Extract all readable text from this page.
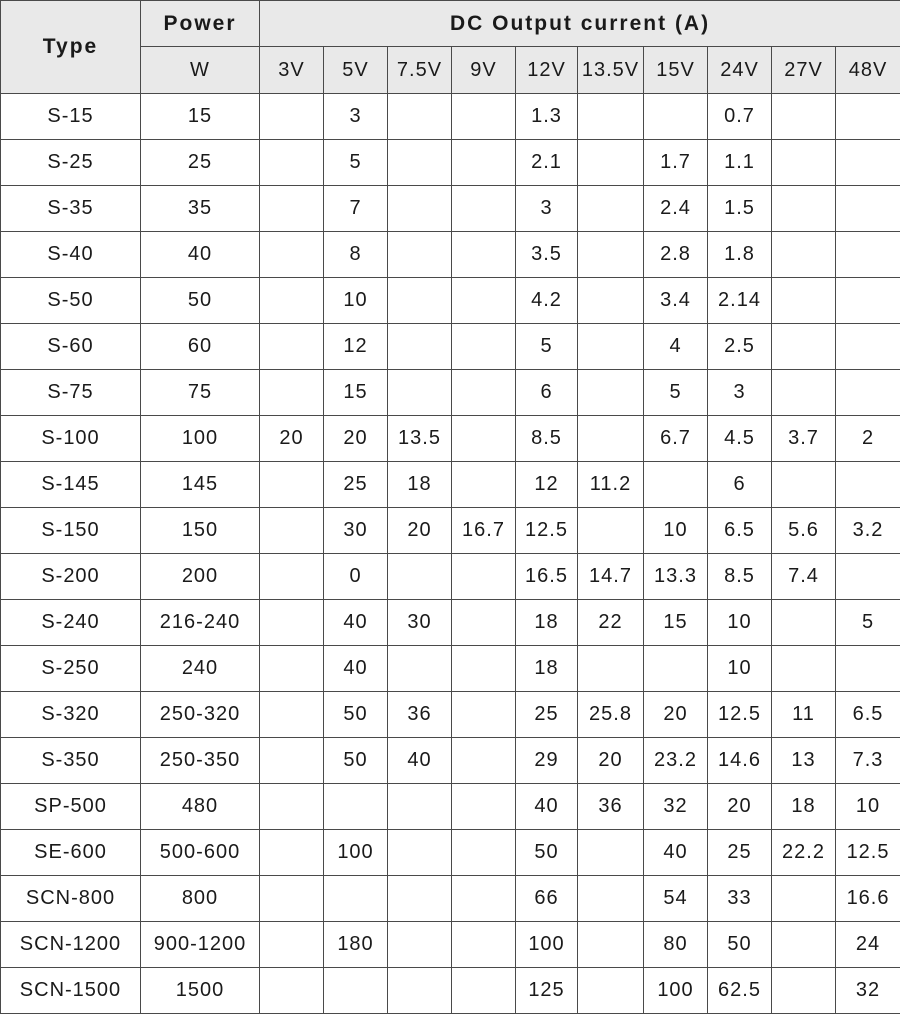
Type	Power	DC Output current (A)									
	W	3V	5V	7.5V	9V	12V	13.5V	15V	24V	27V	48V
S-15	15		3			1.3			0.7		
S-25	25		5			2.1		1.7	1.1		
S-35	35		7			3		2.4	1.5		
S-40	40		8			3.5		2.8	1.8		
S-50	50		10			4.2		3.4	2.14		
S-60	60		12			5		4	2.5		
S-75	75		15			6		5	3		
S-100	100	20	20	13.5		8.5		6.7	4.5	3.7	2
S-145	145		25	18		12	11.2		6		
S-150	150		30	20	16.7	12.5		10	6.5	5.6	3.2
S-200	200		0			16.5	14.7	13.3	8.5	7.4	
S-240	216-240		40	30		18	22	15	10		5
S-250	240		40			18			10		
S-320	250-320		50	36		25	25.8	20	12.5	11	6.5
S-350	250-350		50	40		29	20	23.2	14.6	13	7.3
SP-500	480					40	36	32	20	18	10
SE-600	500-600		100			50		40	25	22.2	12.5
SCN-800	800					66		54	33		16.6
SCN-1200	900-1200		180			100		80	50		24
SCN-1500	1500					125		100	62.5		32
